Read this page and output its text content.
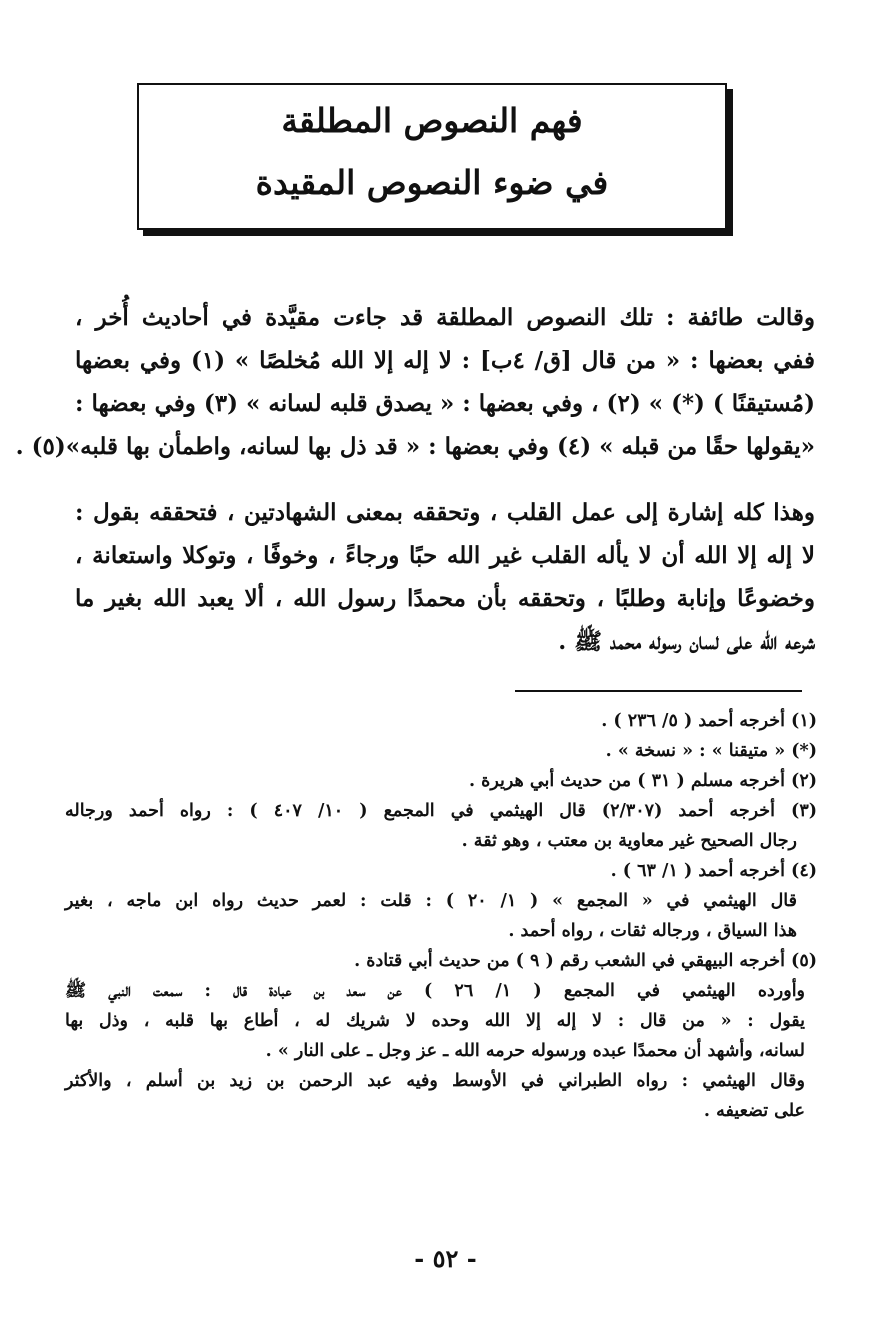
فهم النصوص المطلقة
في ضوء النصوص المقيدة
وقالت طائفة : تلك النصوص المطلقة قد جاءت مقيَّدة في أحاديث أُخر ،
ففي بعضها : « من قال [ق/ ٤ب] : لا إله إلا الله مُخلصًا » (١) وفي بعضها
(مُستيقنًا ) (*) » (٢) ، وفي بعضها : « يصدق قلبه لسانه » (٣) وفي بعضها :
«يقولها حقًا من قبله » (٤) وفي بعضها : « قد ذل بها لسانه، واطمأن بها قلبه»(٥) .
وهذا كله إشارة إلى عمل القلب ، وتحققه بمعنى الشهادتين ، فتحققه بقول :
لا إله إلا الله أن لا يأله القلب غير الله حبًا ورجاءً ، وخوفًا ، وتوكلا واستعانة ،
وخضوعًا وإنابة وطلبًا ، وتحققه بأن محمدًا رسول الله ، ألا يعبد الله بغير ما
شرعه الله على لسان رسوله محمد ﷺ .
(١) أخرجه أحمد ( ٥/ ٢٣٦ ) .
(*) « متيقنا » : « نسخة » .
(٢) أخرجه مسلم ( ٣١ ) من حديث أبي هريرة .
(٣) أخرجه أحمد (٢/٣٠٧) قال الهيثمي في المجمع ( ١٠/ ٤٠٧ ) : رواه أحمد ورجاله
رجال الصحيح غير معاوية بن معتب ، وهو ثقة .
(٤) أخرجه أحمد ( ١/ ٦٣ ) .
قال الهيثمي في « المجمع » ( ١/ ٢٠ ) : قلت : لعمر حديث رواه ابن ماجه ، بغير
هذا السياق ، ورجاله ثقات ، رواه أحمد .
(٥) أخرجه البيهقي في الشعب رقم ( ٩ ) من حديث أبي قتادة .
وأورده الهيثمي في المجمع ( ١/ ٢٦ ) عن سعد بن عبادة قال : سمعت النبي ﷺ
يقول : « من قال : لا إله إلا الله وحده لا شريك له ، أطاع بها قلبه ، وذل بها
لسانه، وأشهد أن محمدًا عبده ورسوله حرمه الله ـ عز وجل ـ على النار » .
وقال الهيثمي : رواه الطبراني في الأوسط وفيه عبد الرحمن بن زيد بن أسلم ، والأكثر
على تضعيفه .
- ٥٢ -
